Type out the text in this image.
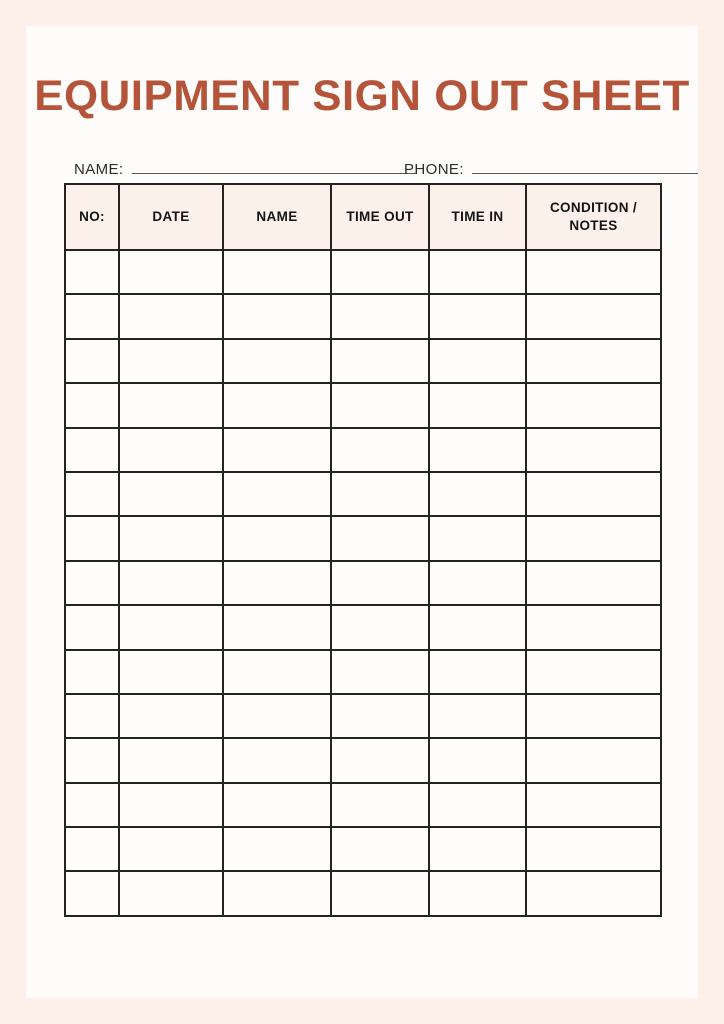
EQUIPMENT SIGN OUT SHEET
NAME:	PHONE:
NO:	DATE	NAME	TIME OUT	TIME IN	CONDITION /
NOTES
